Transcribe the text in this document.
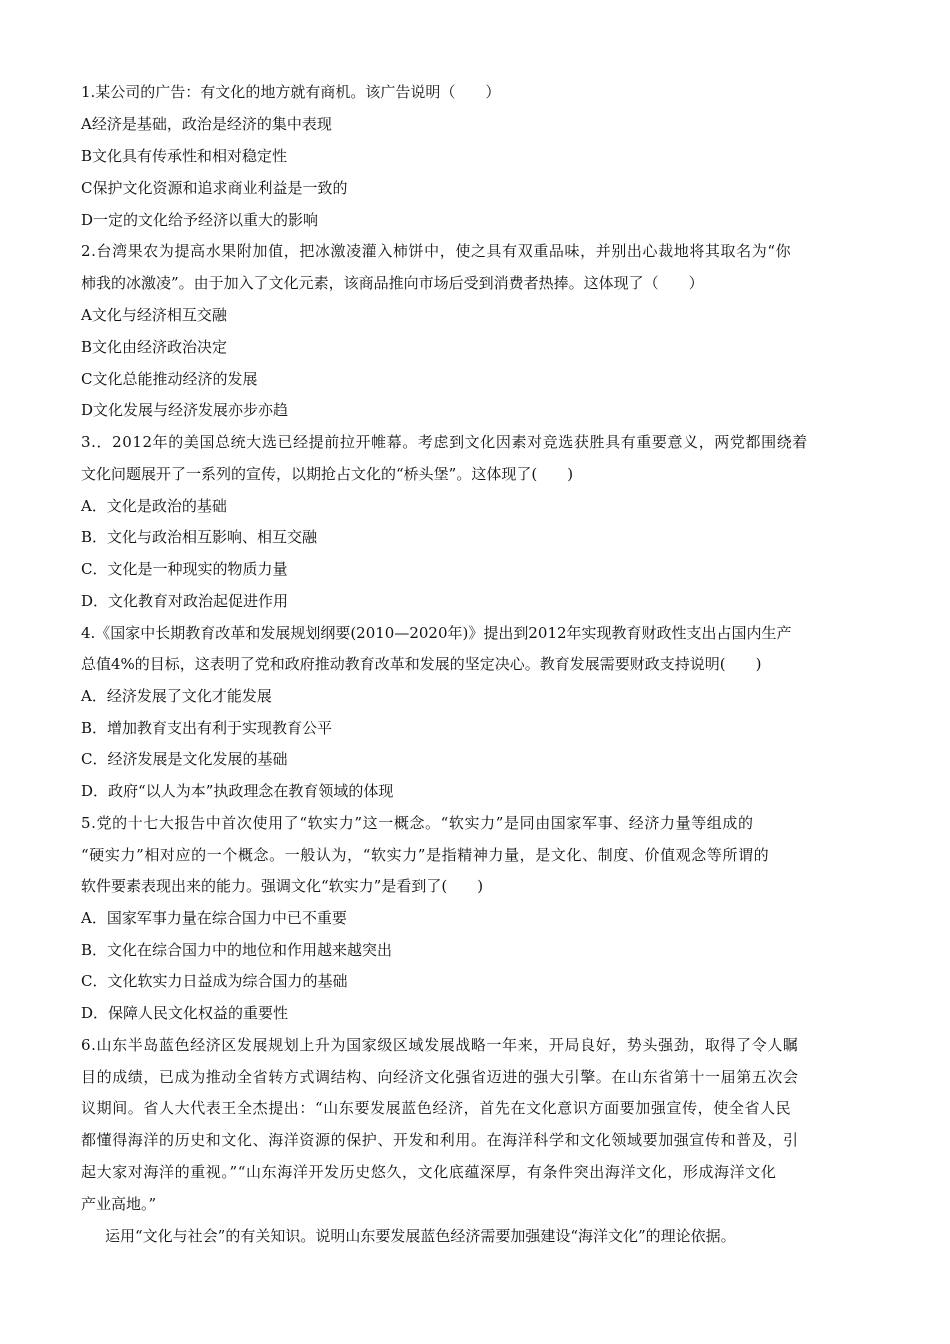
1.某公司的广告：有文化的地方就有商机。该广告说明（　　）
A经济是基础，政治是经济的集中表现
B文化具有传承性和相对稳定性
C保护文化资源和追求商业利益是一致的
D一定的文化给予经济以重大的影响
2.台湾果农为提高水果附加值，把冰激凌灌入柿饼中，使之具有双重品味，并别出心裁地将其取名为“你
柿我的冰激凌”。由于加入了文化元素，该商品推向市场后受到消费者热捧。这体现了（　　）
A文化与经济相互交融
B文化由经济政治决定
C文化总能推动经济的发展
D文化发展与经济发展亦步亦趋
3.．2012年的美国总统大选已经提前拉开帷幕。考虑到文化因素对竞选获胜具有重要意义，两党都围绕着
文化问题展开了一系列的宣传，以期抢占文化的“桥头堡”。这体现了(　　)
A．文化是政治的基础
B．文化与政治相互影响、相互交融
C．文化是一种现实的物质力量
D．文化教育对政治起促进作用
4.《国家中长期教育改革和发展规划纲要(2010—2020年)》提出到2012年实现教育财政性支出占国内生产
总值4%的目标，这表明了党和政府推动教育改革和发展的坚定决心。教育发展需要财政支持说明(　　)
A．经济发展了文化才能发展
B．增加教育支出有利于实现教育公平
C．经济发展是文化发展的基础
D．政府“以人为本”执政理念在教育领域的体现
5.党的十七大报告中首次使用了“软实力”这一概念。“软实力”是同由国家军事、经济力量等组成的
“硬实力”相对应的一个概念。一般认为，“软实力”是指精神力量，是文化、制度、价值观念等所谓的
软件要素表现出来的能力。强调文化“软实力”是看到了(　　)
A．国家军事力量在综合国力中已不重要
B．文化在综合国力中的地位和作用越来越突出
C．文化软实力日益成为综合国力的基础
D．保障人民文化权益的重要性
6.山东半岛蓝色经济区发展规划上升为国家级区域发展战略一年来，开局良好，势头强劲，取得了令人瞩
目的成绩，已成为推动全省转方式调结构、向经济文化强省迈进的强大引擎。在山东省第十一届第五次会
议期间。省人大代表王全杰提出：“山东要发展蓝色经济，首先在文化意识方面要加强宣传，使全省人民
都懂得海洋的历史和文化、海洋资源的保护、开发和利用。在海洋科学和文化领域要加强宣传和普及，引
起大家对海洋的重视。”“山东海洋开发历史悠久，文化底蕴深厚，有条件突出海洋文化，形成海洋文化
产业高地。”
运用“文化与社会”的有关知识。说明山东要发展蓝色经济需要加强建设“海洋文化”的理论依据。
